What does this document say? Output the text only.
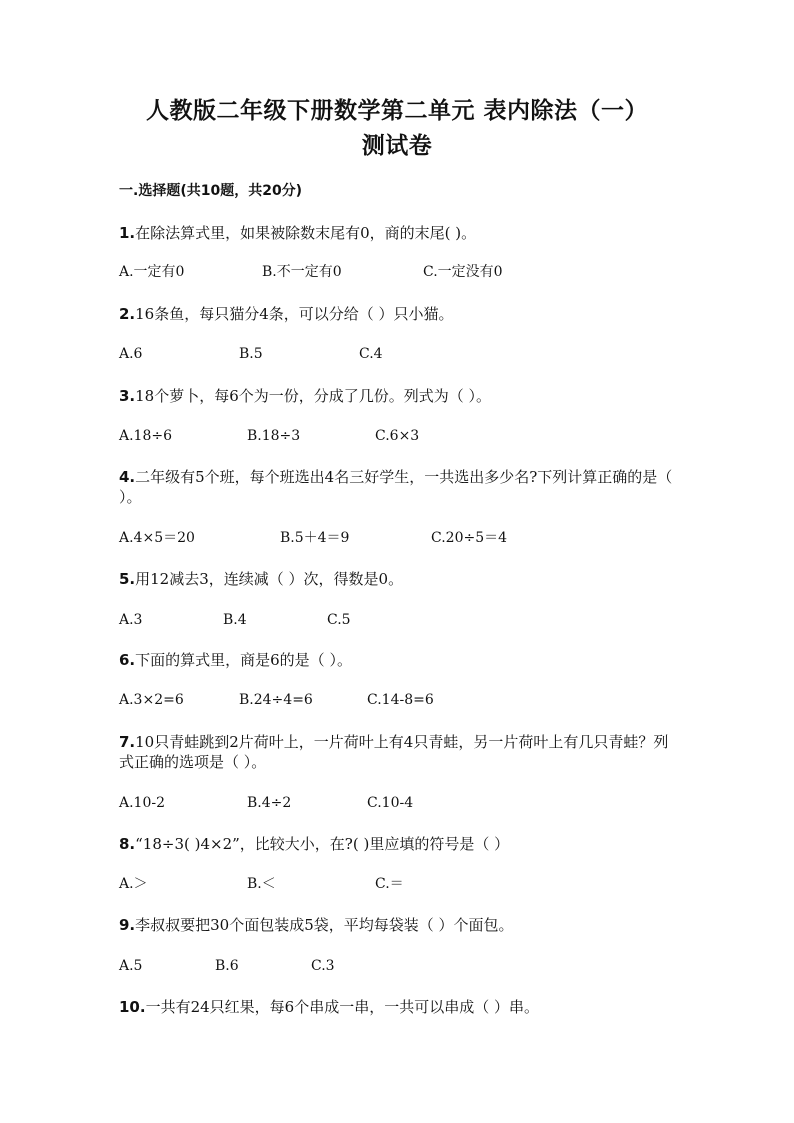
人教版二年级下册数学第二单元 表内除法（一）
测试卷
一.选择题(共10题，共20分)
1.在除法算式里，如果被除数末尾有0，商的末尾( )。
A.一定有0	B.不一定有0	C.一定没有0
2.16条鱼，每只猫分4条，可以分给（ ）只小猫。
A.6	B.5	C.4
3.18个萝卜，每6个为一份，分成了几份。列式为（ ）。
A.18÷6	B.18÷3	C.6×3
4.二年级有5个班，每个班选出4名三好学生，一共选出多少名?下列计算正确的是（ ）。
A.4×5＝20	B.5＋4＝9	C.20÷5＝4
5.用12减去3，连续减（ ）次，得数是0。
A.3	B.4	C.5
6.下面的算式里，商是6的是（ ）。
A.3×2=6	B.24÷4=6	C.14-8=6
7.10只青蛙跳到2片荷叶上，一片荷叶上有4只青蛙，另一片荷叶上有几只青蛙？列式正确的选项是（ ）。
A.10-2	B.4÷2	C.10-4
8.“18÷3( )4×2”，比较大小，在?( )里应填的符号是（ ）
A.＞	B.＜	C.＝
9.李叔叔要把30个面包装成5袋，平均每袋装（ ）个面包。
A.5	B.6	C.3
10.一共有24只红果，每6个串成一串，一共可以串成（ ）串。
